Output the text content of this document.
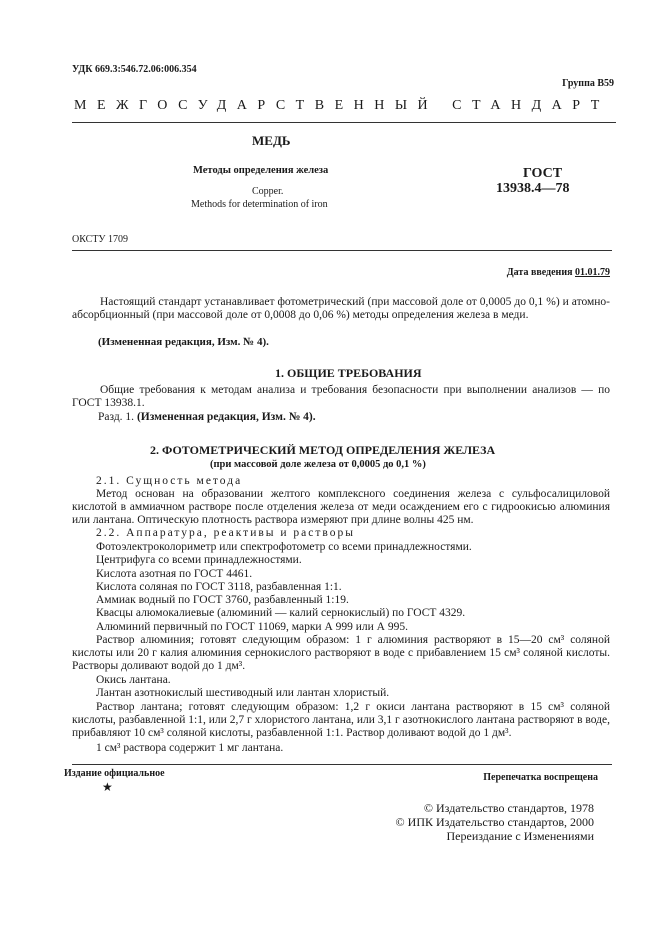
УДК 669.3:546.72.06:006.354
Группа В59
МЕЖГОСУДАРСТВЕННЫЙ СТАНДАРТ
МЕДЬ
Методы определения железа
Copper.
Methods for determination of iron
ГОСТ
13938.4—78
ОКСТУ 1709
Дата введения 01.01.79
Настоящий стандарт устанавливает фотометрический (при массовой доле от 0,0005 до 0,1 %) и атомно-абсорбционный (при массовой доле от 0,0008 до 0,06 %) методы определения железа в меди.
(Измененная редакция, Изм. № 4).
1. ОБЩИЕ ТРЕБОВАНИЯ
Общие требования к методам анализа и требования безопасности при выполнении анализов — по ГОСТ 13938.1.
Разд. 1. (Измененная редакция, Изм. № 4).
2. ФОТОМЕТРИЧЕСКИЙ МЕТОД ОПРЕДЕЛЕНИЯ ЖЕЛЕЗА
(при массовой доле железа от 0,0005 до 0,1 %)
2.1. Сущность метода
Метод основан на образовании желтого комплексного соединения железа с сульфосалициловой кислотой в аммиачном растворе после отделения железа от меди осаждением его с гидроокисью алюминия или лантана. Оптическую плотность раствора измеряют при длине волны 425 нм.
2.2. Аппаратура, реактивы и растворы
Фотоэлектроколориметр или спектрофотометр со всеми принадлежностями.
Центрифуга со всеми принадлежностями.
Кислота азотная по ГОСТ 4461.
Кислота соляная по ГОСТ 3118, разбавленная 1:1.
Аммиак водный по ГОСТ 3760, разбавленный 1:19.
Квасцы алюмокалиевые (алюминий — калий сернокислый) по ГОСТ 4329.
Алюминий первичный по ГОСТ 11069, марки А 999 или А 995.
Раствор алюминия; готовят следующим образом: 1 г алюминия растворяют в 15—20 см³ соляной кислоты или 20 г калия алюминия сернокислого растворяют в воде с прибавлением 15 см³ соляной кислоты. Растворы доливают водой до 1 дм³.
Окись лантана.
Лантан азотнокислый шестиводный или лантан хлористый.
Раствор лантана; готовят следующим образом: 1,2 г окиси лантана растворяют в 15 см³ соляной кислоты, разбавленной 1:1, или 2,7 г хлористого лантана, или 3,1 г азотнокислого лантана растворяют в воде, прибавляют 10 см³ соляной кислоты, разбавленной 1:1. Раствор доливают водой до 1 дм³.
1 см³ раствора содержит 1 мг лантана.
Издание официальное
★
Перепечатка воспрещена
© Издательство стандартов, 1978
© ИПК Издательство стандартов, 2000
Переиздание с Изменениями
